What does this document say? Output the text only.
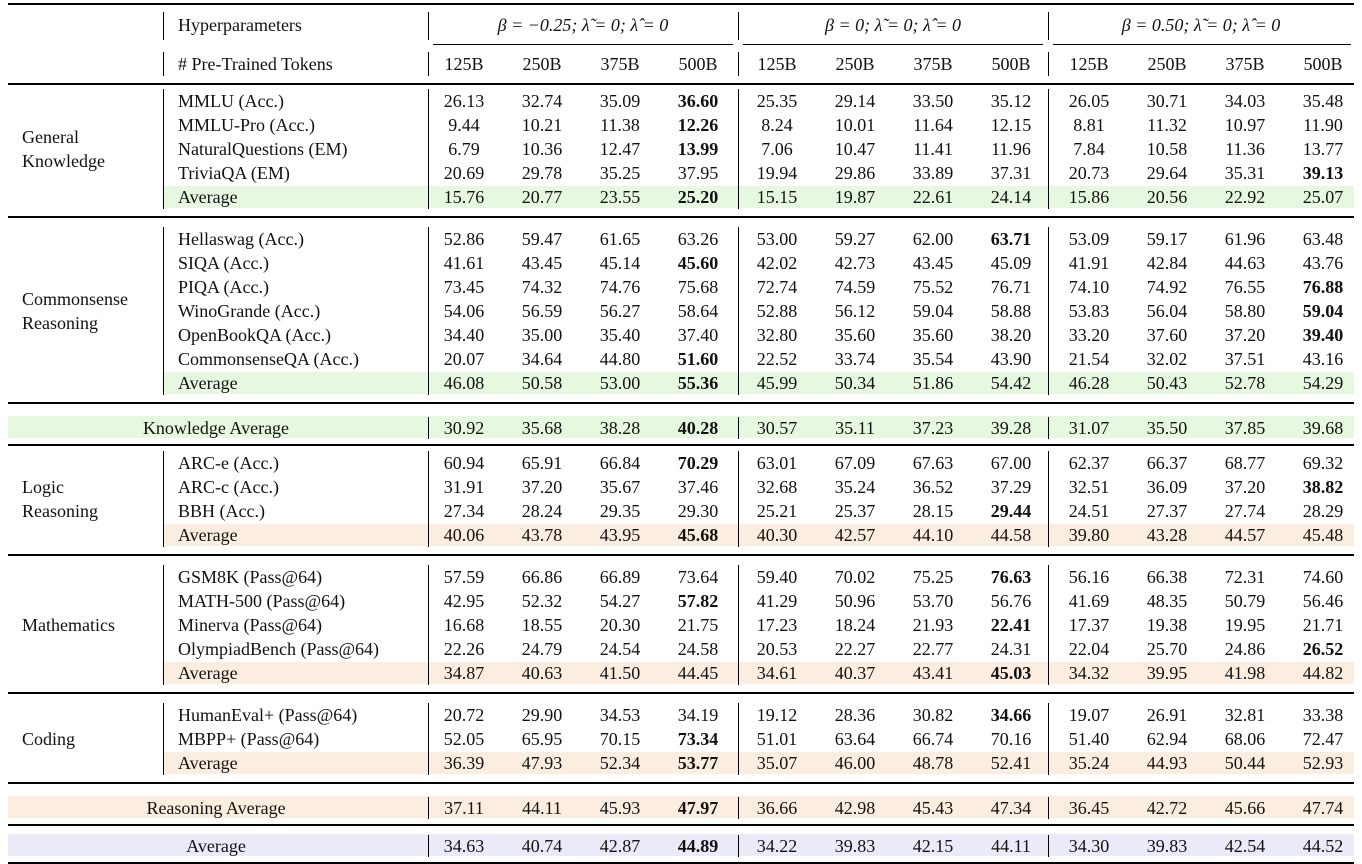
Hyperparameters	β = −0.25; λ̃ = 0; λ̂ = 0	β = 0; λ̃ = 0; λ̂ = 0	β = 0.50; λ̃ = 0; λ̂ = 0
# Pre-Trained Tokens	125B	250B	375B	500B	125B	250B	375B	500B	125B	250B	375B	500B
MMLU (Acc.)	26.13	32.74	35.09	36.60	25.35	29.14	33.50	35.12	26.05	30.71	34.03	35.48
MMLU-Pro (Acc.)	9.44	10.21	11.38	12.26	8.24	10.01	11.64	12.15	8.81	11.32	10.97	11.90
NaturalQuestions (EM)	6.79	10.36	12.47	13.99	7.06	10.47	11.41	11.96	7.84	10.58	11.36	13.77
TriviaQA (EM)	20.69	29.78	35.25	37.95	19.94	29.86	33.89	37.31	20.73	29.64	35.31	39.13
Average	15.76	20.77	23.55	25.20	15.15	19.87	22.61	24.14	15.86	20.56	22.92	25.07
General
Knowledge
Hellaswag (Acc.)	52.86	59.47	61.65	63.26	53.00	59.27	62.00	63.71	53.09	59.17	61.96	63.48
SIQA (Acc.)	41.61	43.45	45.14	45.60	42.02	42.73	43.45	45.09	41.91	42.84	44.63	43.76
PIQA (Acc.)	73.45	74.32	74.76	75.68	72.74	74.59	75.52	76.71	74.10	74.92	76.55	76.88
WinoGrande (Acc.)	54.06	56.59	56.27	58.64	52.88	56.12	59.04	58.88	53.83	56.04	58.80	59.04
OpenBookQA (Acc.)	34.40	35.00	35.40	37.40	32.80	35.60	35.60	38.20	33.20	37.60	37.20	39.40
CommonsenseQA (Acc.)	20.07	34.64	44.80	51.60	22.52	33.74	35.54	43.90	21.54	32.02	37.51	43.16
Average	46.08	50.58	53.00	55.36	45.99	50.34	51.86	54.42	46.28	50.43	52.78	54.29
Commonsense
Reasoning
Knowledge Average	30.92	35.68	38.28	40.28	30.57	35.11	37.23	39.28	31.07	35.50	37.85	39.68
ARC-e (Acc.)	60.94	65.91	66.84	70.29	63.01	67.09	67.63	67.00	62.37	66.37	68.77	69.32
ARC-c (Acc.)	31.91	37.20	35.67	37.46	32.68	35.24	36.52	37.29	32.51	36.09	37.20	38.82
BBH (Acc.)	27.34	28.24	29.35	29.30	25.21	25.37	28.15	29.44	24.51	27.37	27.74	28.29
Average	40.06	43.78	43.95	45.68	40.30	42.57	44.10	44.58	39.80	43.28	44.57	45.48
Logic
Reasoning
GSM8K (Pass@64)	57.59	66.86	66.89	73.64	59.40	70.02	75.25	76.63	56.16	66.38	72.31	74.60
MATH-500 (Pass@64)	42.95	52.32	54.27	57.82	41.29	50.96	53.70	56.76	41.69	48.35	50.79	56.46
Minerva (Pass@64)	16.68	18.55	20.30	21.75	17.23	18.24	21.93	22.41	17.37	19.38	19.95	21.71
OlympiadBench (Pass@64)	22.26	24.79	24.54	24.58	20.53	22.27	22.77	24.31	22.04	25.70	24.86	26.52
Average	34.87	40.63	41.50	44.45	34.61	40.37	43.41	45.03	34.32	39.95	41.98	44.82
Mathematics
HumanEval+ (Pass@64)	20.72	29.90	34.53	34.19	19.12	28.36	30.82	34.66	19.07	26.91	32.81	33.38
MBPP+ (Pass@64)	52.05	65.95	70.15	73.34	51.01	63.64	66.74	70.16	51.40	62.94	68.06	72.47
Average	36.39	47.93	52.34	53.77	35.07	46.00	48.78	52.41	35.24	44.93	50.44	52.93
Coding
Reasoning Average	37.11	44.11	45.93	47.97	36.66	42.98	45.43	47.34	36.45	42.72	45.66	47.74
Average	34.63	40.74	42.87	44.89	34.22	39.83	42.15	44.11	34.30	39.83	42.54	44.52
